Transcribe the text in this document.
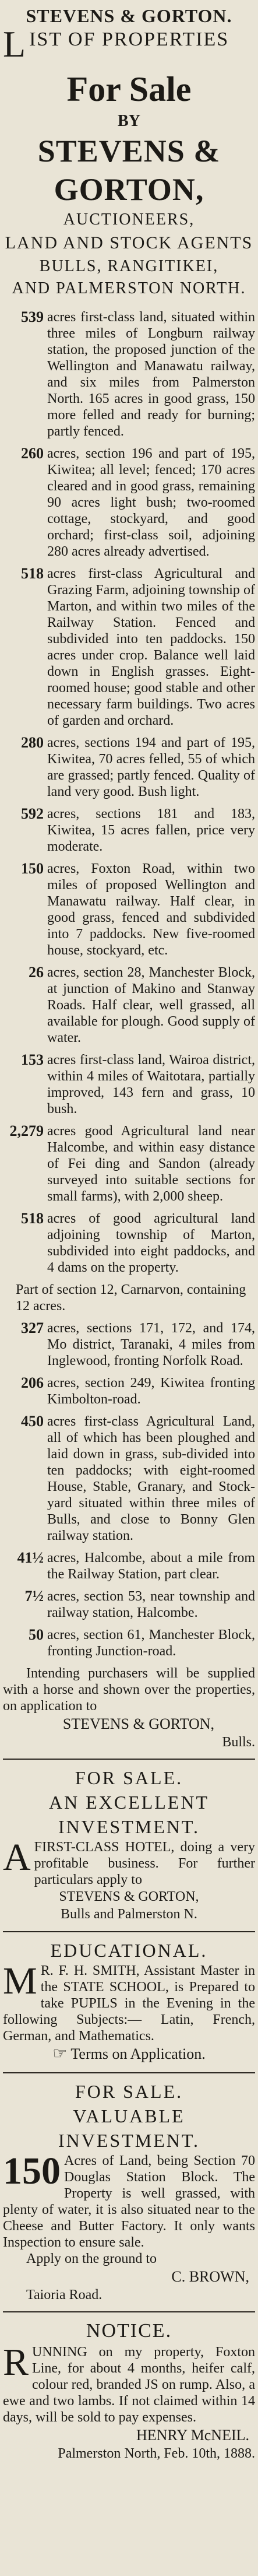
STEVENS & GORTON.
L IST OF PROPERTIES
For Sale
BY
STEVENS & GORTON,
AUCTIONEERS,
LAND AND STOCK AGENTS
BULLS, RANGITIKEI,
AND PALMERSTON NORTH.
539 acres first-class land, situated within three miles of Longburn railway station, the proposed junction of the Wellington and Manawatu railway, and six miles from Palmerston North. 165 acres in good grass, 150 more felled and ready for burning; partly fenced.
260 acres, section 196 and part of 195, Kiwitea; all level; fenced; 170 acres cleared and in good grass, remaining 90 acres light bush; two-roomed cottage, stockyard, and good orchard; first-class soil, adjoining 280 acres already advertised.
518 acres first-class Agricultural and Grazing Farm, adjoining township of Marton, and within two miles of the Railway Station. Fenced and subdivided into ten paddocks. 150 acres under crop. Balance well laid down in English grasses. Eight-roomed house; good stable and other necessary farm buildings. Two acres of garden and orchard.
280 acres, sections 194 and part of 195, Kiwitea, 70 acres felled, 55 of which are grassed; partly fenced. Quality of land very good. Bush light.
592 acres, sections 181 and 183, Kiwitea, 15 acres fallen, price very moderate.
150 acres, Foxton Road, within two miles of proposed Wellington and Manawatu railway. Half clear, in good grass, fenced and subdivided into 7 paddocks. New five-roomed house, stockyard, etc.
26 acres, section 28, Manchester Block, at junction of Makino and Stanway Roads. Half clear, well grassed, all available for plough. Good supply of water.
153 acres first-class land, Wairoa district, within 4 miles of Waitotara, partially improved, 143 fern and grass, 10 bush.
2,279 acres good Agricultural land near Halcombe, and within easy distance of Fei ding and Sandon (already surveyed into suitable sections for small farms), with 2,000 sheep.
518 acres of good agricultural land adjoining township of Marton, subdivided into eight paddocks, and 4 dams on the property.
Part of section 12, Carnarvon, containing 12 acres.
327 acres, sections 171, 172, and 174, Mo district, Taranaki, 4 miles from Inglewood, fronting Norfolk Road.
206 acres, section 249, Kiwitea fronting Kimbolton-road.
450 acres first-class Agricultural Land, all of which has been ploughed and laid down in grass, sub-divided into ten paddocks; with eight-roomed House, Stable, Granary, and Stock-yard situated within three miles of Bulls, and close to Bonny Glen railway station.
41½ acres, Halcombe, about a mile from the Railway Station, part clear.
7½ acres, section 53, near township and railway station, Halcombe.
50 acres, section 61, Manchester Block, fronting Junction-road.
Intending purchasers will be supplied with a horse and shown over the properties, on application to
STEVENS & GORTON,
Bulls.
FOR SALE.
AN EXCELLENT INVESTMENT.
A FIRST-CLASS HOTEL, doing a very profitable business. For further particulars apply to
STEVENS & GORTON,
Bulls and Palmerston N.
EDUCATIONAL.
M R. F. H. SMITH, Assistant Master in the STATE SCHOOL, is Prepared to take PUPILS in the Evening in the following Subjects:— Latin, French, German, and Mathematics.
☞ Terms on Application.
FOR SALE.
VALUABLE INVESTMENT.
150 Acres of Land, being Section 70 Douglas Station Block. The Property is well grassed, with plenty of water, it is also situated near to the Cheese and Butter Factory. It only wants Inspection to ensure sale.
Apply on the ground to
C. BROWN,
Taioria Road.
NOTICE.
R UNNING on my property, Foxton Line, for about 4 months, heifer calf, colour red, branded JS on rump. Also, a ewe and two lambs. If not claimed within 14 days, will be sold to pay expenses.
HENRY McNEIL.
Palmerston North, Feb. 10th, 1888.
